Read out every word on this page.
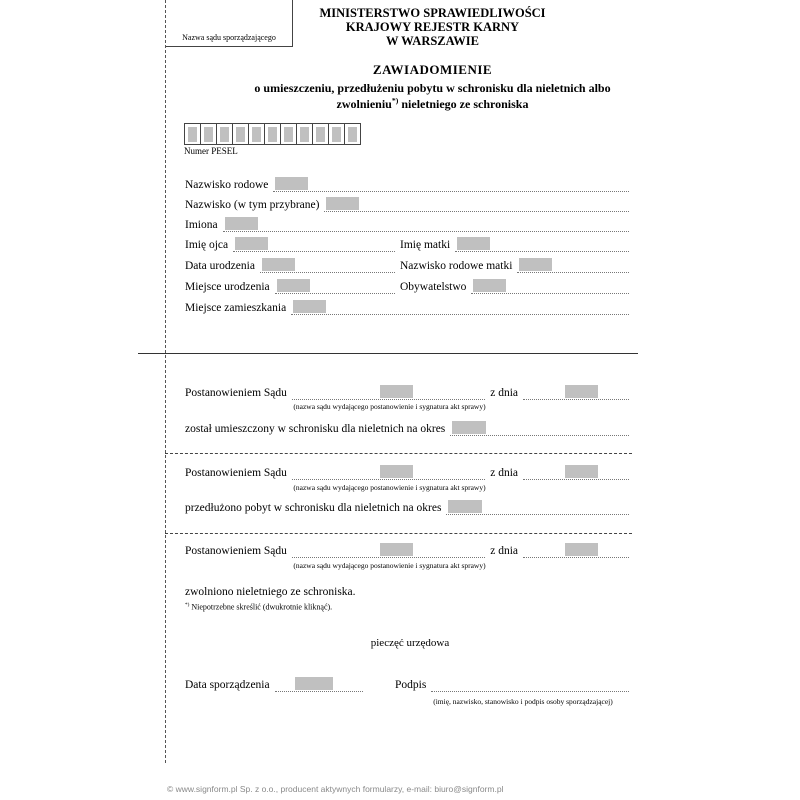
Nazwa sądu sporządzającego
MINISTERSTWO SPRAWIEDLIWOŚCI
KRAJOWY REJESTR KARNY
W WARSZAWIE
ZAWIADOMIENIE
o umieszczeniu, przedłużeniu pobytu w schronisku dla nieletnich albo
zwolnieniu*) nieletniego ze schroniska
Numer PESEL
Nazwisko rodowe
Nazwisko (w tym przybrane)
Imiona
Imię ojca	Imię matki
Data urodzenia	Nazwisko rodowe matki
Miejsce urodzenia	Obywatelstwo
Miejsce zamieszkania
Postanowieniem Sądu	z dnia
(nazwa sądu wydającego postanowienie i sygnatura akt sprawy)
został umieszczony w schronisku dla nieletnich na okres
Postanowieniem Sądu	z dnia
(nazwa sądu wydającego postanowienie i sygnatura akt sprawy)
przedłużono pobyt w schronisku dla nieletnich na okres
Postanowieniem Sądu	z dnia
(nazwa sądu wydającego postanowienie i sygnatura akt sprawy)
zwolniono nieletniego ze schroniska.
*) Niepotrzebne skreślić (dwukrotnie kliknąć).
pieczęć urzędowa
Data sporządzenia	Podpis
(imię, nazwisko, stanowisko i podpis osoby sporządzającej)
© www.signform.pl Sp. z o.o., producent aktywnych formularzy, e-mail: biuro@signform.pl
